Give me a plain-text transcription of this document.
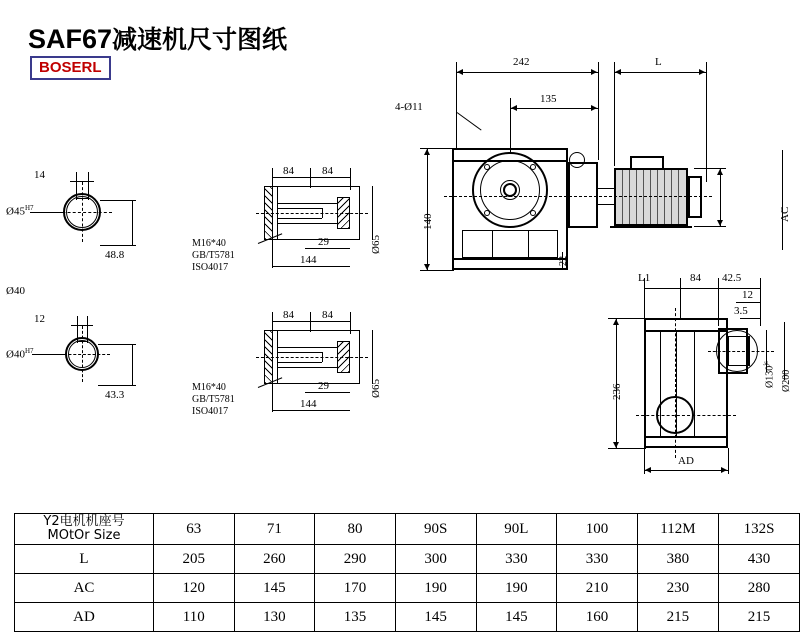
SAF67减速机尺寸图纸
BOSERL
14
$Ø45^{H7}$
48.8
Ø40
12
$Ø40^{H7}$
43.3
84	84
29
144
Ø65
M16*40
GB/T5781
ISO4017
84	84
29
144
Ø65
M16*40
GB/T5781
ISO4017
242	L
135
4-Ø11
140
22
AC
L1	84 42.5
12
3.5
236
$Ø130^{js}$
Ø200
AD
Y2电机机座号
MOtOr Size	63	71	80	90S	90L	100	112M	132S
L	205	260	290	300	330	330	380	430
AC	120	145	170	190	190	210	230	280
AD	110	130	135	145	145	160	215	215
